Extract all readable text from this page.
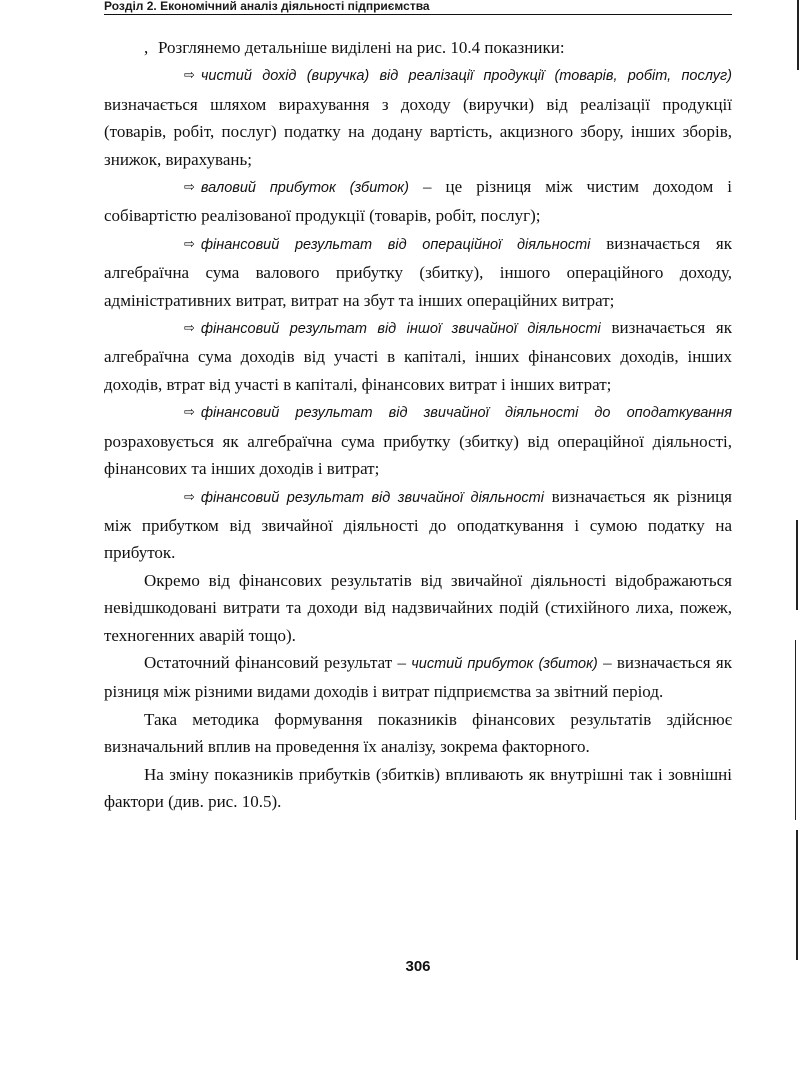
Розділ 2. Економічний аналіз діяльності підприємства

, Розглянемо детальніше виділені на рис. 10.4 показники:

⇨ чистий дохід (виручка) від реалізації продукції (товарів, робіт, послуг) визначається шляхом вирахування з доходу (виручки) від реалізації продукції (товарів, робіт, послуг) податку на додану вартість, акцизного збору, інших зборів, знижок, вирахувань;

⇨ валовий прибуток (збиток) – це різниця між чистим доходом і собівартістю реалізованої продукції (товарів, робіт, послуг);

⇨ фінансовий результат від операційної діяльності визначається як алгебраїчна сума валового прибутку (збитку), іншого операційного доходу, адміністративних витрат, витрат на збут та інших операційних витрат;

⇨ фінансовий результат від іншої звичайної діяльності визначається як алгебраїчна сума доходів від участі в капіталі, інших фінансових доходів, інших доходів, втрат від участі в капіталі, фінансових витрат і інших витрат;

⇨ фінансовий результат від звичайної діяльності до оподаткування розраховується як алгебраїчна сума прибутку (збитку) від операційної діяльності, фінансових та інших доходів і витрат;

⇨ фінансовий результат від звичайної діяльності визначається як різниця між прибутком від звичайної діяльності до оподаткування і сумою податку на прибуток.

Окремо від фінансових результатів від звичайної діяльності відображаються невідшкодовані витрати та доходи від надзвичайних подій (стихійного лиха, пожеж, техногенних аварій тощо).

Остаточний фінансовий результат – чистий прибуток (збиток) – визначається як різниця між різними видами доходів і витрат підприємства за звітний період.

Така методика формування показників фінансових результатів здійснює визначальний вплив на проведення їх аналізу, зокрема факторного.

На зміну показників прибутків (збитків) впливають як внутрішні так і зовнішні фактори (див. рис. 10.5).

306
